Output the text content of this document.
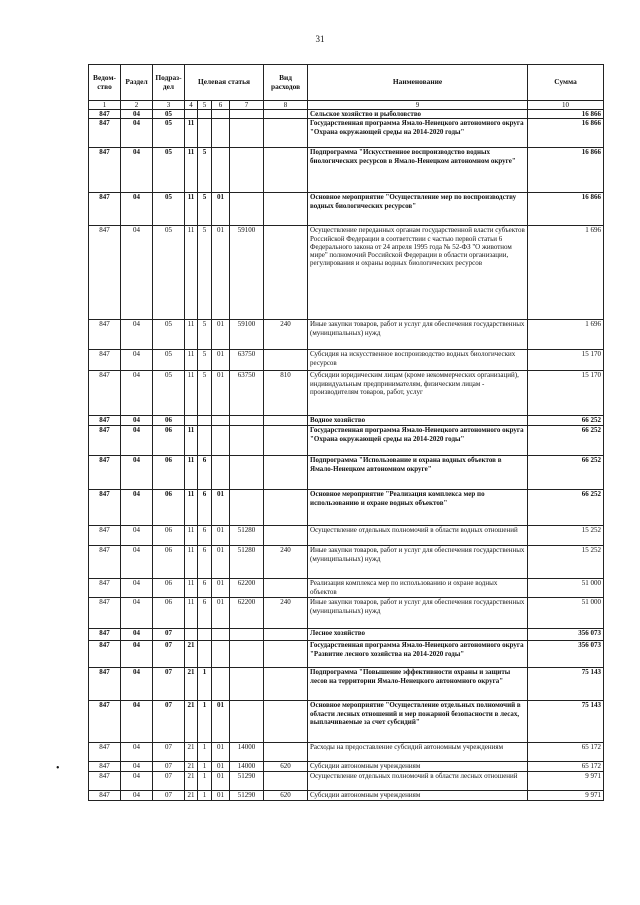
31
Ведом-ство	Раздел	Подраз-дел	Целевая статья				Вид расходов	Наименование	Сумма
1	2	3	4	5	6	7	8	9	10
847	04	05						Сельское хозяйство и рыболовство	16 866
847	04	05	11					Государственная программа Ямало-Ненецкого автономного округа "Охрана окружающей среды на 2014-2020 годы"	16 866
847	04	05	11	5				Подпрограмма "Искусственное воспроизводство водных биологических ресурсов в Ямало-Ненецком автономном округе"	16 866
847	04	05	11	5	01			Основное мероприятие "Осуществление мер по воспроизводству водных биологических ресурсов"	16 866
847	04	05	11	5	01	59100		Осуществление переданных органам государственной власти субъектов Российской Федерации в соответствии с частью первой статьи 6 Федерального закона от 24 апреля 1995 года № 52-ФЗ "О животном мире" полномочий Российской Федерации в области организации, регулирования и охраны водных биологических ресурсов	1 696
847	04	05	11	5	01	59100	240	Иные закупки товаров, работ и услуг для обеспечения государственных (муниципальных) нужд	1 696
847	04	05	11	5	01	63750		Субсидия на искусственное воспроизводство водных биологических ресурсов	15 170
847	04	05	11	5	01	63750	810	Субсидии юридическим лицам (кроме некоммерческих организаций), индивидуальным предпринимателям, физическим лицам - производителям товаров, работ, услуг	15 170
847	04	06						Водное хозяйство	66 252
847	04	06	11					Государственная программа Ямало-Ненецкого автономного округа "Охрана окружающей среды на 2014-2020 годы"	66 252
847	04	06	11	6				Подпрограмма "Использование и охрана водных объектов в Ямало-Ненецком автономном округе"	66 252
847	04	06	11	6	01			Основное мероприятие "Реализация комплекса мер по использованию и охране водных объектов"	66 252
847	04	06	11	6	01	51280		Осуществление отдельных полномочий в области водных отношений	15 252
847	04	06	11	6	01	51280	240	Иные закупки товаров, работ и услуг для обеспечения государственных (муниципальных) нужд	15 252
847	04	06	11	6	01	62200		Реализация комплекса мер по использованию и охране водных объектов	51 000
847	04	06	11	6	01	62200	240	Иные закупки товаров, работ и услуг для обеспечения государственных (муниципальных) нужд	51 000
847	04	07						Лесное хозяйство	356 073
847	04	07	21					Государственная программа Ямало-Ненецкого автономного округа "Развитие лесного хозяйства на 2014-2020 годы"	356 073
847	04	07	21	1				Подпрограмма "Повышение эффективности охраны и защиты лесов на территории Ямало-Ненецкого автономного округа"	75 143
847	04	07	21	1	01			Основное мероприятие "Осуществление отдельных полномочий в области лесных отношений и мер пожарной безопасности в лесах, выплачиваемые за счет субсидий"	75 143
847	04	07	21	1	01	14000		Расходы на предоставление субсидий автономным учреждениям	65 172
847	04	07	21	1	01	14000	620	Субсидии автономным учреждениям	65 172
847	04	07	21	1	01	51290		Осуществление отдельных полномочий в области лесных отношений	9 971
847	04	07	21	1	01	51290	620	Субсидии автономным учреждениям	9 971
•
